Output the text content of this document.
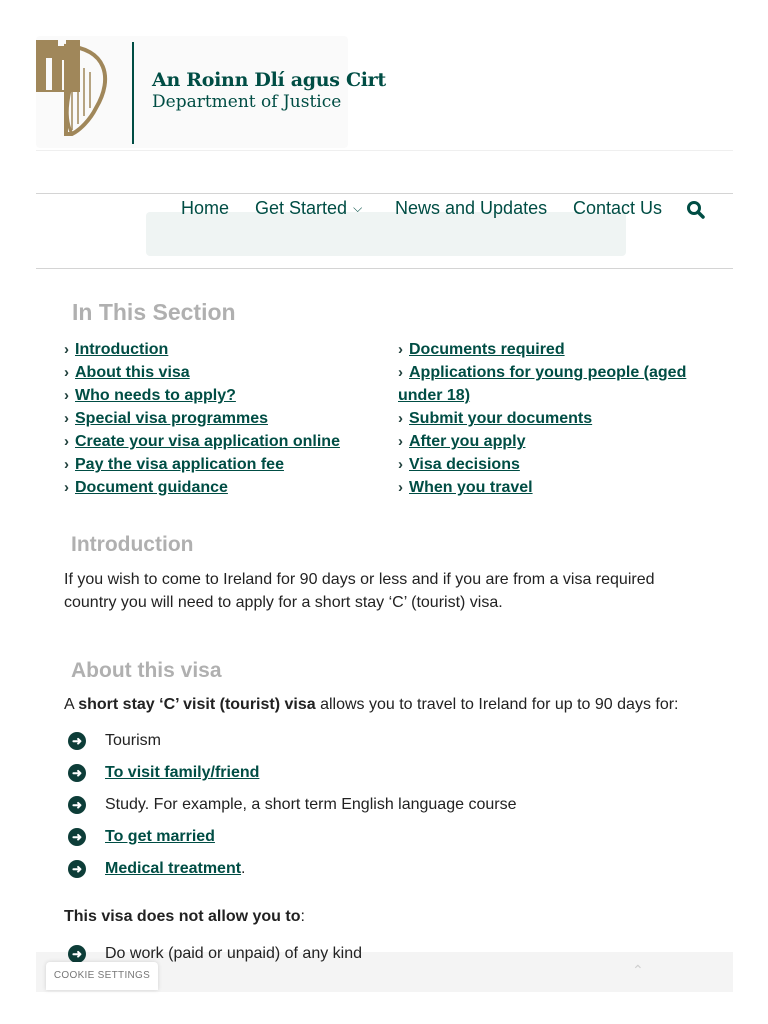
An Roinn Dlí agus Cirt
Department of Justice
Home Get Started ⌵ News and Updates Contact Us
In This Section
› Introduction
› About this visa
› Who needs to apply?
› Special visa programmes
› Create your visa application online
› Pay the visa application fee
› Document guidance
› Documents required
› Applications for young people (aged
under 18)
› Submit your documents
› After you apply
› Visa decisions
› When you travel
Introduction
If you wish to come to Ireland for 90 days or less and if you are from a visa required
country you will need to apply for a short stay ‘C’ (tourist) visa.
About this visa
A short stay ‘C’ visit (tourist) visa allows you to travel to Ireland for up to 90 days for:
➜ Tourism
➜ To visit family/friend
➜ Study. For example, a short term English language course
➜ To get married
➜ Medical treatment.
This visa does not allow you to:
➜ Do work (paid or unpaid) of any kind
COOKIE SETTINGS	⌃
